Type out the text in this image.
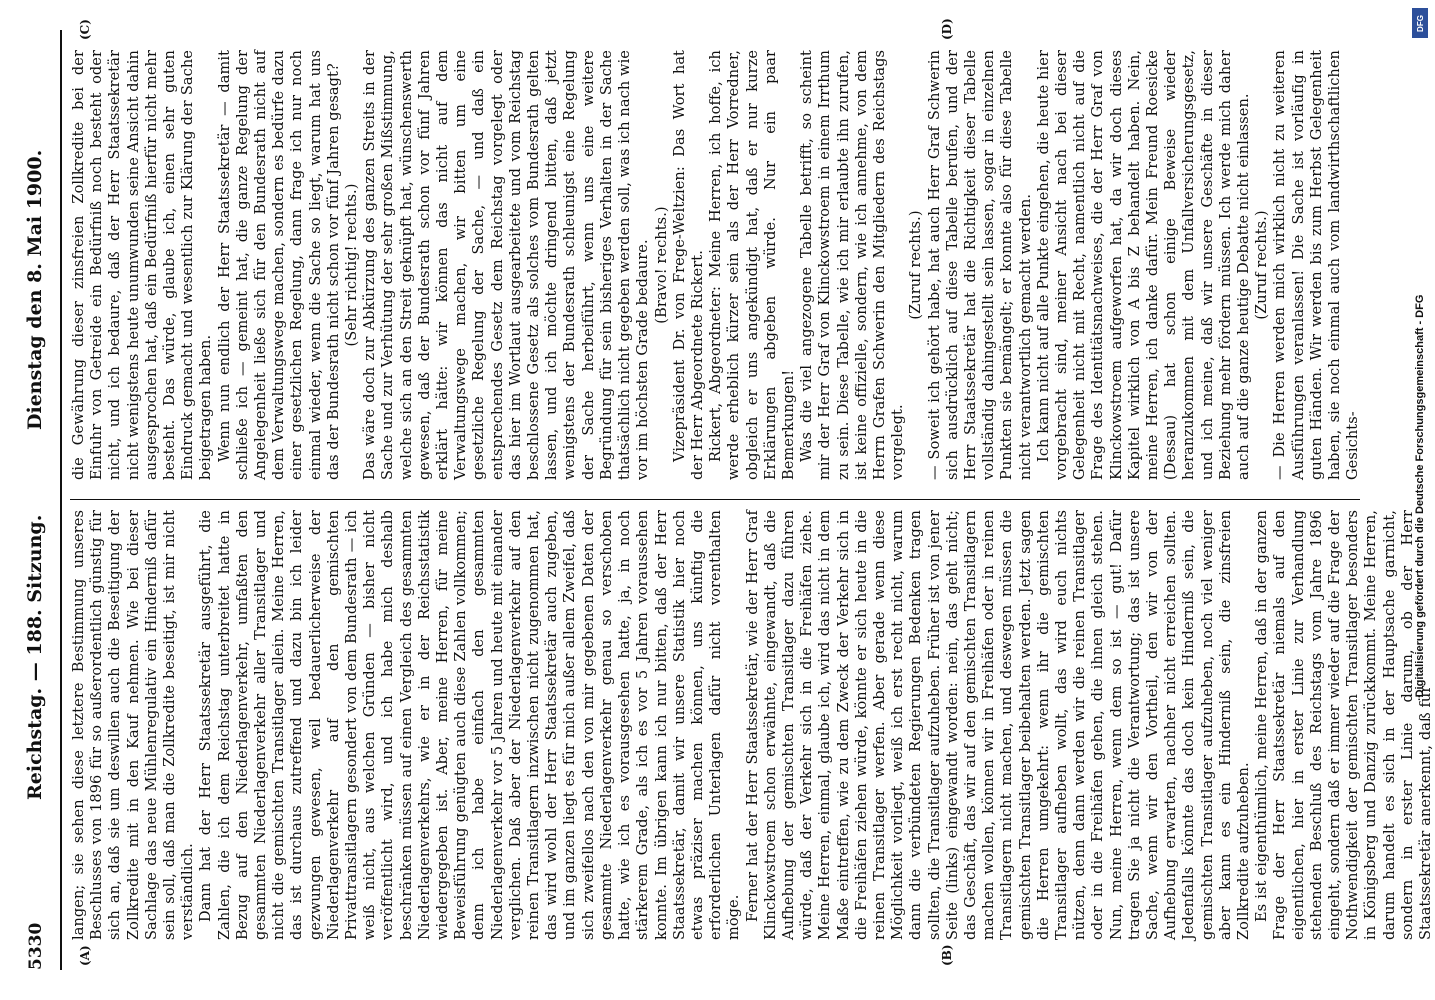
5330
Reichstag. — 188. Sitzung.
Dienstag den 8. Mai 1900.
(A)	(B)
(C)	(D)

langen; sie sehen diese letztere Bestimmung unseres Beschlusses von 1896 für so außerordentlich günstig für sich an, daß sie um deswillen auch die Beseitigung der Zollkredite mit in den Kauf nehmen. Wie bei dieser Sachlage das neue Mühlenregulativ ein Hinderniß dafür sein soll, daß man die Zollkredite beseitigt, ist mir nicht verständlich. Dann hat der Herr Staatssekretär ausgeführt, die Zahlen, die ich dem Reichstag unterbreitet hatte in Bezug auf den Niederlagenverkehr, umfaßten den gesammten Niederlagenverkehr aller Transitlager und nicht die gemischten Transitlager allein. Meine Herren, das ist durchaus zutreffend und dazu bin ich leider gezwungen gewesen, weil bedauerlicherweise der Niederlagenverkehr auf den gemischten Privattransitlagern gesondert von dem Bundesrath — ich weiß nicht, aus welchen Gründen — bisher nicht veröffentlicht wird, und ich habe mich deshalb beschränken müssen auf einen Vergleich des gesammten Niederlagenverkehrs, wie er in der Reichsstatistik wiedergegeben ist. Aber, meine Herren, für meine Beweisführung genügten auch diese Zahlen vollkommen; denn ich habe einfach den gesammten Niederlagenverkehr vor 5 Jahren und heute mit einander verglichen. Daß aber der Niederlagenverkehr auf den reinen Transitlagern inzwischen nicht zugenommen hat, das wird wohl der Herr Staatssekretär auch zugeben, und im ganzen liegt es für mich außer allem Zweifel, daß sich zweifellos nach den von mir gegebenen Daten der gesammte Niederlagenverkehr genau so verschoben hatte, wie ich es vorausgesehen hatte, ja, in noch stärkerem Grade, als ich es vor 5 Jahren voraussehen konnte. Im übrigen kann ich nur bitten, daß der Herr Staatssekretär, damit wir unsere Statistik hier noch etwas präziser machen können, uns künftig die erforderlichen Unterlagen dafür nicht vorenthalten möge. Ferner hat der Herr Staatssekretär, wie der Herr Graf Klinckowstroem schon erwähnte, eingewandt, daß die Aufhebung der gemischten Transitlager dazu führen würde, daß der Verkehr sich in die Freihäfen ziehe. Meine Herren, einmal, glaube ich, wird das nicht in dem Maße eintreffen, wie zu dem Zweck der Verkehr sich in die Freihäfen ziehen würde, könnte er sich heute in die reinen Transitlager werfen. Aber gerade wenn diese Möglichkeit vorliegt, weiß ich erst recht nicht, warum dann die verbündeten Regierungen Bedenken tragen sollten, die Transitlager aufzuheben. Früher ist von jener Seite (links) eingewandt worden: nein, das geht nicht; das Geschäft, das wir auf den gemischten Transitlagern machen wollen, können wir in Freihäfen oder in reinen Transitlagern nicht machen, und deswegen müssen die gemischten Transitlager beibehalten werden. Jetzt sagen die Herren umgekehrt: wenn ihr die gemischten Transitlager aufheben wollt, das wird euch nichts nützen, denn dann werden wir die reinen Transitlager oder in die Freihäfen gehen, die ihnen gleich stehen. Nun, meine Herren, wenn dem so ist — gut! Dafür tragen Sie ja nicht die Verantwortung; das ist unsere Sache, wenn wir den Vortheil, den wir von der Aufhebung erwarten, nachher nicht erreichen sollten. Jedenfalls könnte das doch kein Hinderniß sein, die gemischten Transitlager aufzuheben, noch viel weniger aber kann es ein Hinderniß sein, die zinsfreien Zollkredite aufzuheben. Es ist eigenthümlich, meine Herren, daß in der ganzen Frage der Herr Staatssekretär niemals auf den eigentlichen, hier in erster Linie zur Verhandlung stehenden Beschluß des Reichstags vom Jahre 1896 eingeht, sondern daß er immer wieder auf die Frage der Nothwendigkeit der gemischten Transitlager besonders in Königsberg und Danzig zurückkommt. Meine Herren, darum handelt es sich in der Hauptsache garnicht, sondern in erster Linie darum, ob der Herr Staatssekretär anerkennt, daß für

die Gewährung dieser zinsfreien Zollkredite bei der Einfuhr von Getreide ein Bedürfniß noch besteht oder nicht, und ich bedaure, daß der Herr Staatssekretär nicht wenigstens heute unumwunden seine Ansicht dahin ausgesprochen hat, daß ein Bedürfniß hierfür nicht mehr besteht. Das würde, glaube ich, einen sehr guten Eindruck gemacht und wesentlich zur Klärung der Sache beigetragen haben. Wenn nun endlich der Herr Staatssekretär — damit schließe ich — gemeint hat, die ganze Regelung der Angelegenheit ließe sich für den Bundesrath nicht auf dem Verwaltungswege machen, sondern es bedürfe dazu einer gesetzlichen Regelung, dann frage ich nur noch einmal wieder, wenn die Sache so liegt, warum hat uns das der Bundesrath nicht schon vor fünf Jahren gesagt? (Sehr richtig! rechts.) Das wäre doch zur Abkürzung des ganzen Streits in der Sache und zur Verhütung der sehr großen Mißstimmung, welche sich an den Streit geknüpft hat, wünschenswerth gewesen, daß der Bundesrath schon vor fünf Jahren erklärt hätte: wir können das nicht auf dem Verwaltungswege machen, wir bitten um eine gesetzliche Regelung der Sache, — und daß ein entsprechendes Gesetz dem Reichstag vorgelegt oder das hier im Wortlaut ausgearbeitete und vom Reichstag beschlossene Gesetz als solches vom Bundesrath gelten lassen, und ich möchte dringend bitten, daß jetzt wenigstens der Bundesrath schleunigst eine Regelung der Sache herbeiführt, wenn uns eine weitere Begründung für sein bisheriges Verhalten in der Sache thatsächlich nicht gegeben werden soll, was ich nach wie vor im höchsten Grade bedaure. (Bravo! rechts.) Vizepräsident Dr. von Frege-Weltzien: Das Wort hat der Herr Abgeordnete Rickert. Rickert, Abgeordneter: Meine Herren, ich hoffe, ich werde erheblich kürzer sein als der Herr Vorredner, obgleich er uns angekündigt hat, daß er nur kurze Erklärungen abgeben würde. Nur ein paar Bemerkungen! Was die viel angezogene Tabelle betrifft, so scheint mir der Herr Graf von Klinckowstroem in einem Irrthum zu sein. Diese Tabelle, wie ich mir erlaubte ihn zurufen, ist keine offizielle, sondern, wie ich annehme, von dem Herrn Grafen Schwerin den Mitgliedern des Reichstags vorgelegt.

(Zuruf rechts.) — Soweit ich gehört habe, hat auch Herr Graf Schwerin sich ausdrücklich auf diese Tabelle berufen, und der Herr Staatssekretär hat die Richtigkeit dieser Tabelle vollständig dahingestellt sein lassen, sogar in einzelnen Punkten sie bemängelt; er konnte also für diese Tabelle nicht verantwortlich gemacht werden. Ich kann nicht auf alle Punkte eingehen, die heute hier vorgebracht sind, meiner Ansicht nach bei dieser Gelegenheit nicht mit Recht, namentlich nicht auf die Frage des Identitätsnachweises, die der Herr Graf von Klinckowstroem aufgeworfen hat, da wir doch dieses Kapitel wirklich von A bis Z behandelt haben. Nein, meine Herren, ich danke dafür. Mein Freund Roesicke (Dessau) hat schon einige Beweise wieder heranzukommen mit dem Unfallversicherungsgesetz, und ich meine, daß wir unsere Geschäfte in dieser Beziehung mehr fördern müssen. Ich werde mich daher auch auf die ganze heutige Debatte nicht einlassen. (Zuruf rechts.) — Die Herren werden mich wirklich nicht zu weiteren Ausführungen veranlassen! Die Sache ist vorläufig in guten Händen. Wir werden bis zum Herbst Gelegenheit haben, sie noch einmal auch vom landwirthschaftlichen Gesichts-	Digitalisierung gefördert durch die Deutsche Forschungsgemeinschaft - DFG
DFG
